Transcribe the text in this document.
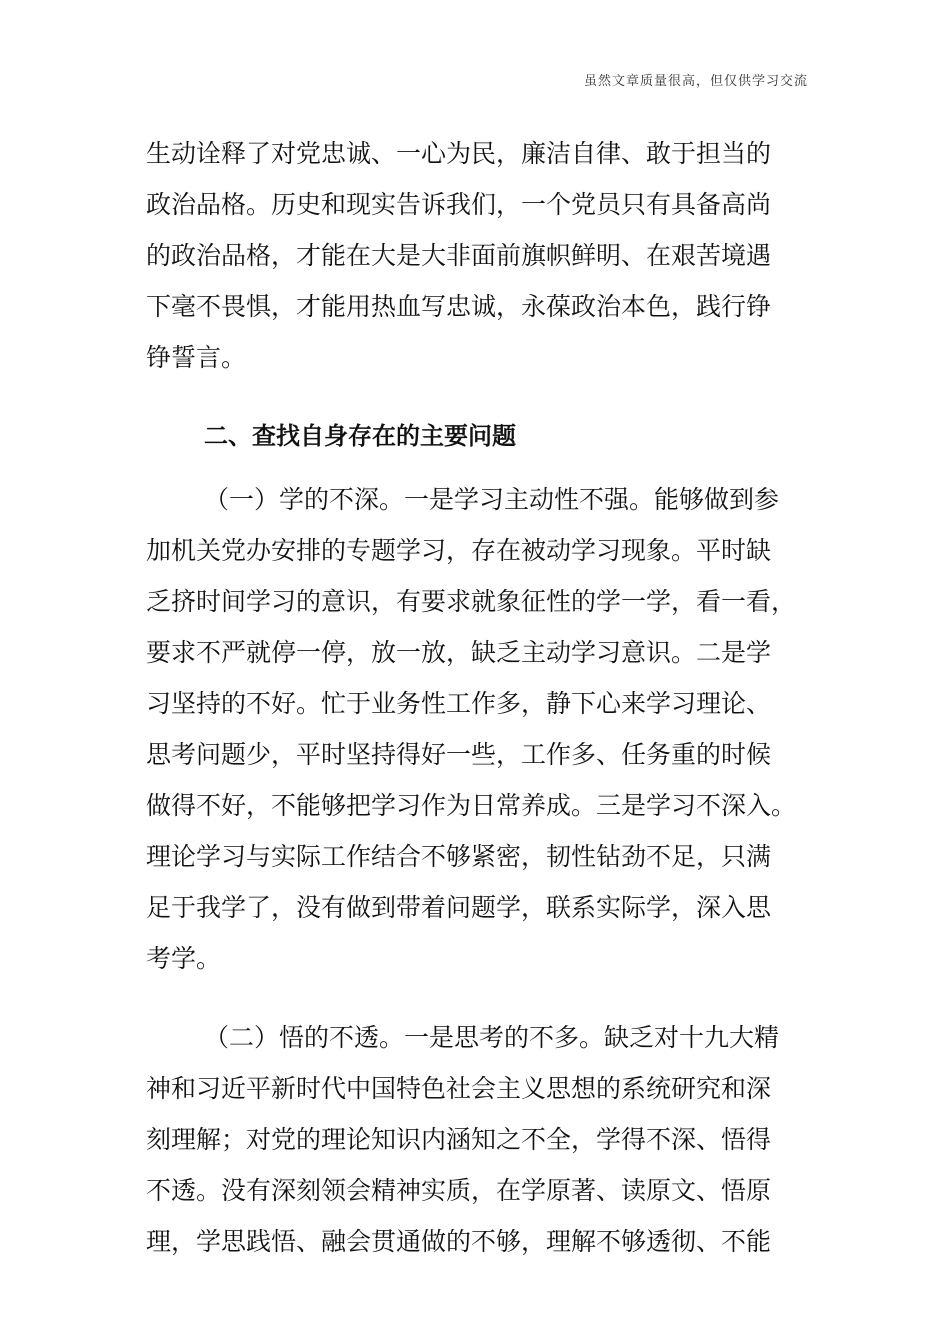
虽然文章质量很高，但仅供学习交流
生动诠释了对党忠诚、一心为民，廉洁自律、敢于担当的
政治品格。历史和现实告诉我们，一个党员只有具备高尚
的政治品格，才能在大是大非面前旗帜鲜明、在艰苦境遇
下毫不畏惧，才能用热血写忠诚，永葆政治本色，践行铮
铮誓言。
二、查找自身存在的主要问题
（一）学的不深。一是学习主动性不强。能够做到参
加机关党办安排的专题学习，存在被动学习现象。平时缺
乏挤时间学习的意识，有要求就象征性的学一学，看一看，
要求不严就停一停，放一放，缺乏主动学习意识。二是学
习坚持的不好。忙于业务性工作多，静下心来学习理论、
思考问题少，平时坚持得好一些，工作多、任务重的时候
做得不好，不能够把学习作为日常养成。三是学习不深入。
理论学习与实际工作结合不够紧密，韧性钻劲不足，只满
足于我学了，没有做到带着问题学，联系实际学，深入思
考学。
（二）悟的不透。一是思考的不多。缺乏对十九大精
神和习近平新时代中国特色社会主义思想的系统研究和深
刻理解；对党的理论知识内涵知之不全，学得不深、悟得
不透。没有深刻领会精神实质，在学原著、读原文、悟原
理，学思践悟、融会贯通做的不够，理解不够透彻、不能
